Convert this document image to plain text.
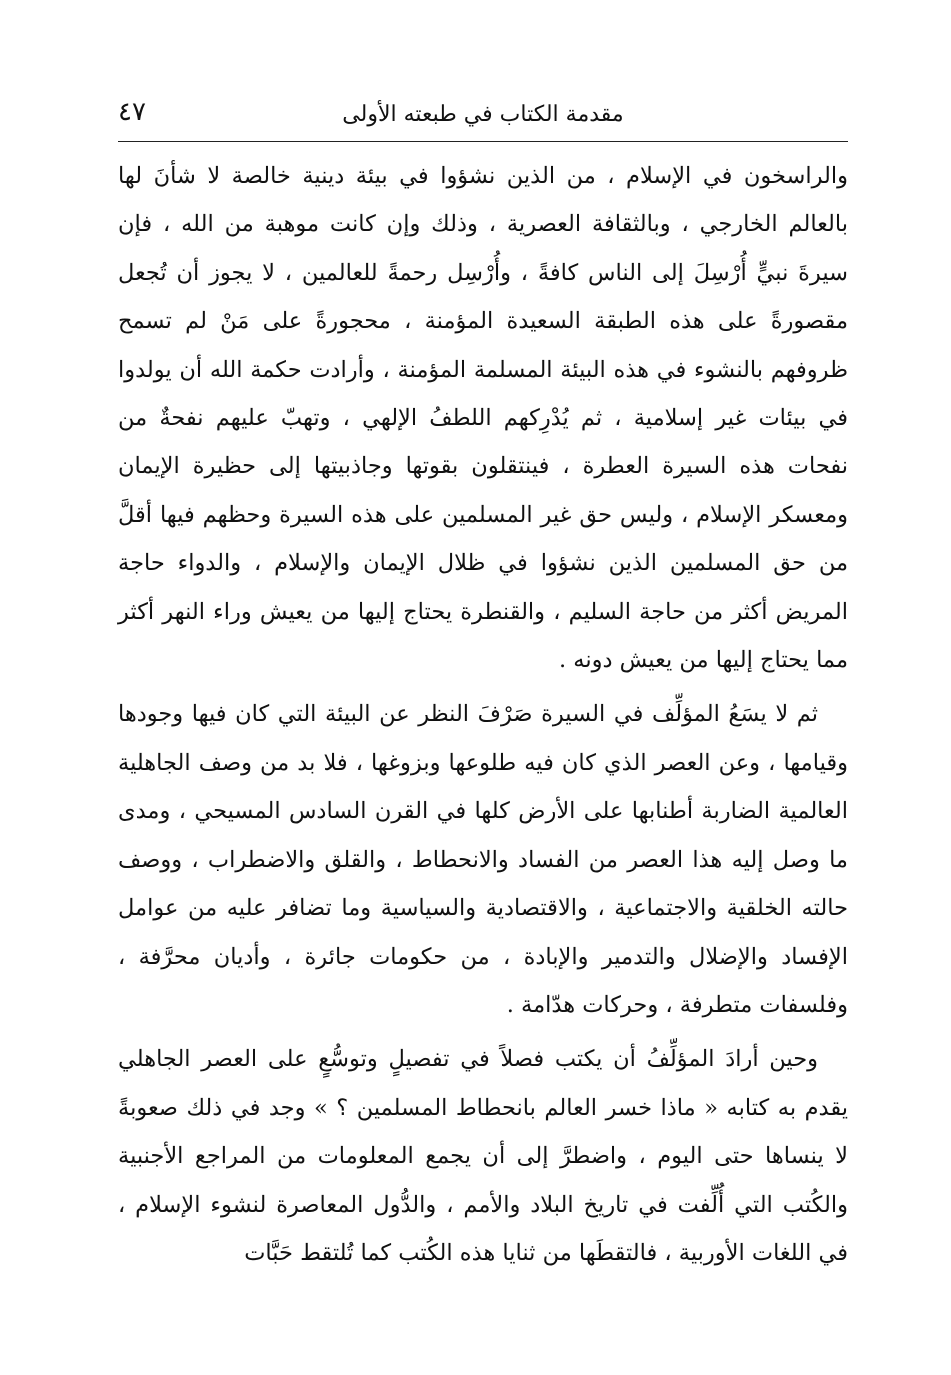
٤٧	مقدمة الكتاب في طبعته الأولى

والراسخون في الإسلام ، من الذين نشؤوا في بيئة دينية خالصة لا شأنَ لها بالعالم الخارجي ، وبالثقافة العصرية ، وذلك وإن كانت موهبة من الله ، فإن سيرةَ نبيٍّ أُرْسِلَ إلى الناس كافةً ، وأُرْسِل رحمةً للعالمين ، لا يجوز أن تُجعل مقصورةً على هذه الطبقة السعيدة المؤمنة ، محجورةً على مَنْ لم تسمح ظروفهم بالنشوء في هذه البيئة المسلمة المؤمنة ، وأرادت حكمة الله أن يولدوا في بيئات غير إسلامية ، ثم يُدْرِكهم اللطفُ الإلهي ، وتهبّ عليهم نفحةٌ من نفحات هذه السيرة العطرة ، فينتقلون بقوتها وجاذبيتها إلى حظيرة الإيمان ومعسكر الإسلام ، وليس حق غير المسلمين على هذه السيرة وحظهم فيها أقلَّ من حق المسلمين الذين نشؤوا في ظلال الإيمان والإسلام ، والدواء حاجة المريض أكثر من حاجة السليم ، والقنطرة يحتاج إليها من يعيش وراء النهر أكثر مما يحتاج إليها من يعيش دونه .

ثم لا يسَعُ المؤلِّف في السيرة صَرْفَ النظر عن البيئة التي كان فيها وجودها وقيامها ، وعن العصر الذي كان فيه طلوعها وبزوغها ، فلا بد من وصف الجاهلية العالمية الضاربة أطنابها على الأرض كلها في القرن السادس المسيحي ، ومدى ما وصل إليه هذا العصر من الفساد والانحطاط ، والقلق والاضطراب ، ووصف حالته الخلقية والاجتماعية ، والاقتصادية والسياسية وما تضافر عليه من عوامل الإفساد والإضلال والتدمير والإبادة ، من حكومات جائرة ، وأديان محرَّفة ، وفلسفات متطرفة ، وحركات هدّامة .

وحين أرادَ المؤلِّفُ أن يكتب فصلاً في تفصيلٍ وتوسُّعٍ على العصر الجاهلي يقدم به كتابه « ماذا خسر العالم بانحطاط المسلمين ؟ » وجد في ذلك صعوبةً لا ينساها حتى اليوم ، واضطرَّ إلى أن يجمع المعلومات من المراجع الأجنبية والكُتب التي أُلِّفت في تاريخ البلاد والأمم ، والدُّول المعاصرة لنشوء الإسلام ، في اللغات الأوربية ، فالتقطَها من ثنايا هذه الكُتب كما تُلتقط حَبَّات
